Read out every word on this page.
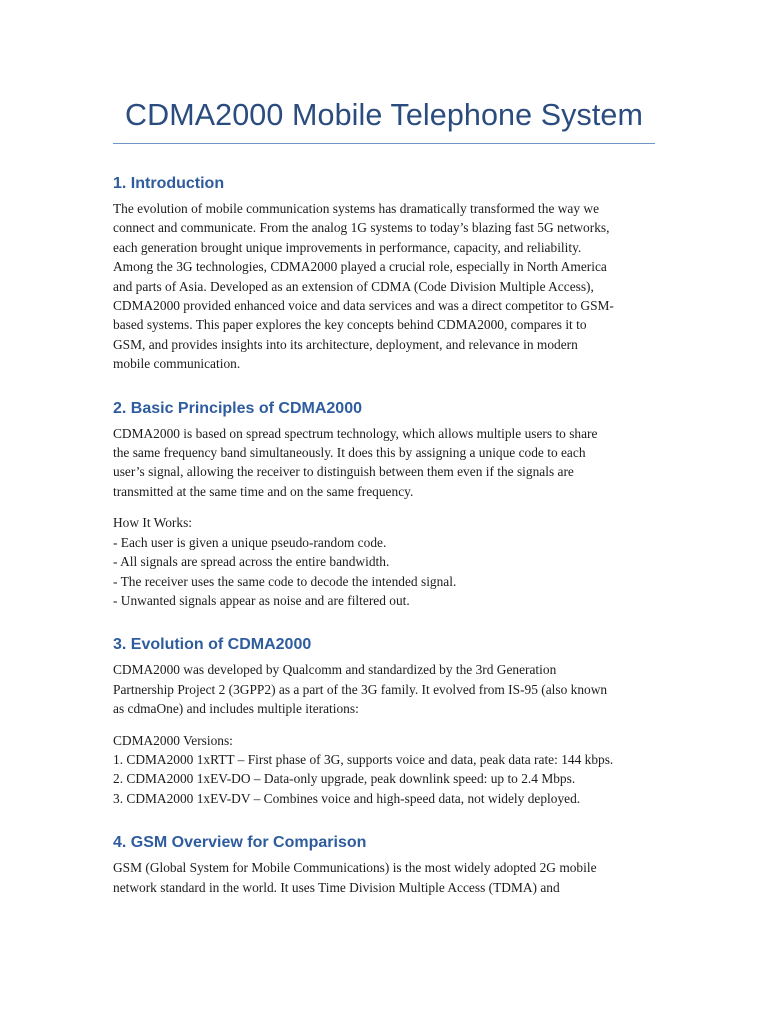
CDMA2000 Mobile Telephone System
1. Introduction

The evolution of mobile communication systems has dramatically transformed the way we
connect and communicate. From the analog 1G systems to today’s blazing fast 5G networks,
each generation brought unique improvements in performance, capacity, and reliability.
Among the 3G technologies, CDMA2000 played a crucial role, especially in North America
and parts of Asia. Developed as an extension of CDMA (Code Division Multiple Access),
CDMA2000 provided enhanced voice and data services and was a direct competitor to GSM-
based systems. This paper explores the key concepts behind CDMA2000, compares it to
GSM, and provides insights into its architecture, deployment, and relevance in modern
mobile communication.

2. Basic Principles of CDMA2000

CDMA2000 is based on spread spectrum technology, which allows multiple users to share
the same frequency band simultaneously. It does this by assigning a unique code to each
user’s signal, allowing the receiver to distinguish between them even if the signals are
transmitted at the same time and on the same frequency.

How It Works:
- Each user is given a unique pseudo-random code.
- All signals are spread across the entire bandwidth.
- The receiver uses the same code to decode the intended signal.
- Unwanted signals appear as noise and are filtered out.

3. Evolution of CDMA2000

CDMA2000 was developed by Qualcomm and standardized by the 3rd Generation
Partnership Project 2 (3GPP2) as a part of the 3G family. It evolved from IS-95 (also known
as cdmaOne) and includes multiple iterations:

CDMA2000 Versions:
1. CDMA2000 1xRTT – First phase of 3G, supports voice and data, peak data rate: 144 kbps.
2. CDMA2000 1xEV-DO – Data-only upgrade, peak downlink speed: up to 2.4 Mbps.
3. CDMA2000 1xEV-DV – Combines voice and high-speed data, not widely deployed.

4. GSM Overview for Comparison

GSM (Global System for Mobile Communications) is the most widely adopted 2G mobile
network standard in the world. It uses Time Division Multiple Access (TDMA) and
